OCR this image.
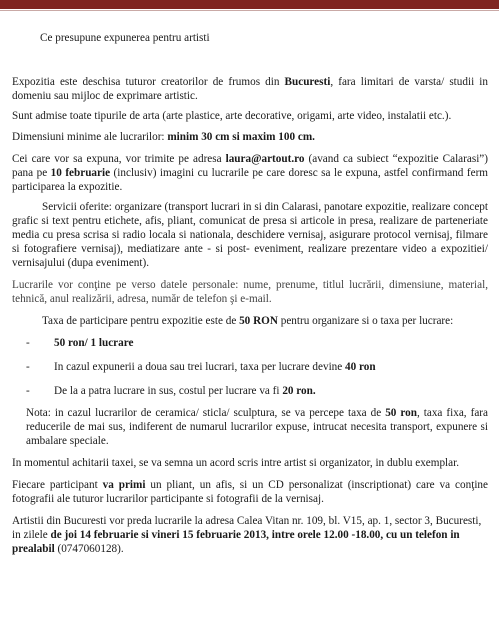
Ce presupune expunerea pentru artisti

Expozitia este deschisa tuturor creatorilor de frumos din Bucuresti, fara limitari de varsta/ studii in domeniu sau mijloc de exprimare artistic.

Sunt admise toate tipurile de arta (arte plastice, arte decorative, origami, arte video, instalatii etc.).

Dimensiuni minime ale lucrarilor: minim 30 cm si maxim 100 cm.

Cei care vor sa expuna, vor trimite pe adresa laura@artout.ro (avand ca subiect “expozitie Calarasi”) pana pe 10 februarie (inclusiv) imagini cu lucrarile pe care doresc sa le expuna, astfel confirmand ferm participarea la expozitie.

Servicii oferite: organizare (transport lucrari in si din Calarasi, panotare expozitie, realizare concept grafic si text pentru etichete, afis, pliant, comunicat de presa si articole in presa, realizare de parteneriate media cu presa scrisa si radio locala si nationala, deschidere vernisaj, asigurare protocol vernisaj, filmare si fotografiere vernisaj), mediatizare ante - si post- eveniment, realizare prezentare video a expozitiei/ vernisajului (dupa eveniment).

Lucrarile vor conţine pe verso datele personale: nume, prenume, titlul lucrării, dimensiune, material, tehnică, anul realizării, adresa, număr de telefon şi e-mail.

Taxa de participare pentru expozitie este de 50 RON pentru organizare si o taxa per lucrare:

- 50 ron/ 1 lucrare
- In cazul expunerii a doua sau trei lucrari, taxa per lucrare devine 40 ron
- De la a patra lucrare in sus, costul per lucrare va fi 20 ron.

Nota: in cazul lucrarilor de ceramica/ sticla/ sculptura, se va percepe taxa de 50 ron, taxa fixa, fara reducerile de mai sus, indiferent de numarul lucrarilor expuse, intrucat necesita transport, expunere si ambalare speciale.

In momentul achitarii taxei, se va semna un acord scris intre artist si organizator, in dublu exemplar.

Fiecare participant va primi un pliant, un afis, si un CD personalizat (inscriptionat) care va conţine fotografii ale tuturor lucrarilor participante si fotografii de la vernisaj.

Artistii din Bucuresti vor preda lucrarile la adresa Calea Vitan nr. 109, bl. V15, ap. 1, sector 3, Bucuresti, in zilele de joi 14 februarie si vineri 15 februarie 2013, intre orele 12.00 -18.00, cu un telefon in prealabil (0747060128).
